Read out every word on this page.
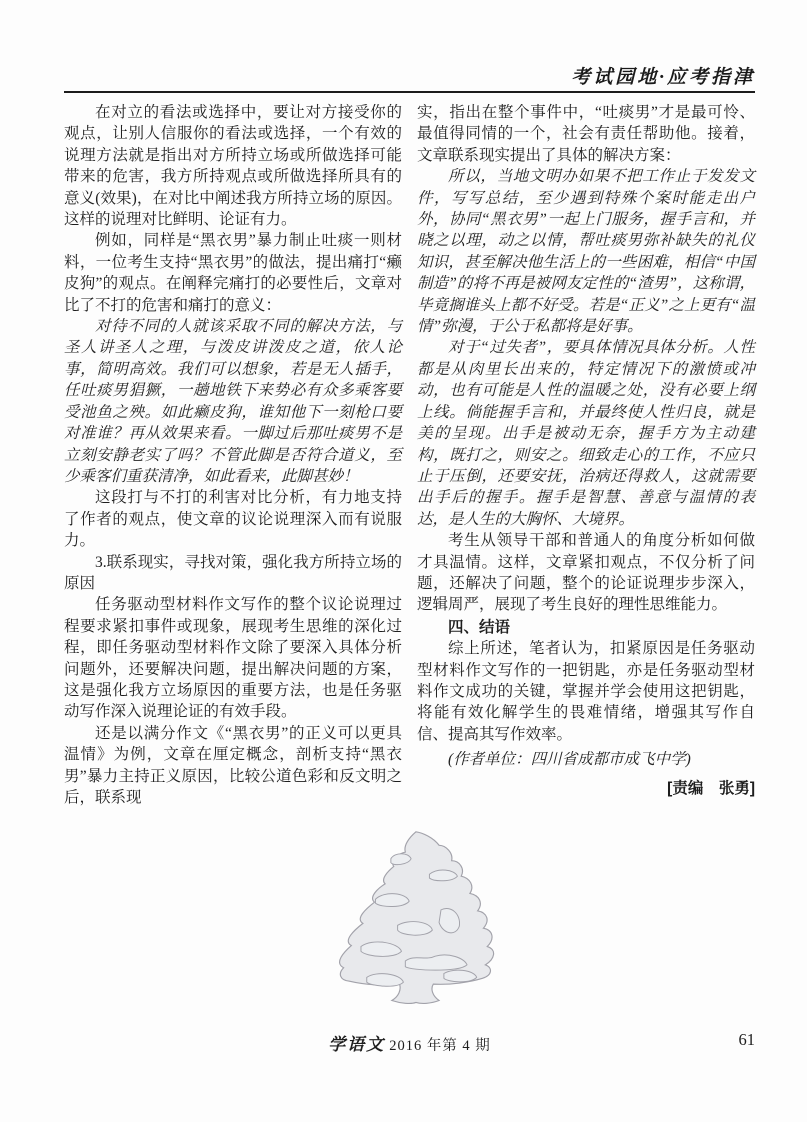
考试园地·应考指津

在对立的看法或选择中，要让对方接受你的观点，让别人信服你的看法或选择，一个有效的说理方法就是指出对方所持立场或所做选择可能带来的危害，我方所持观点或所做选择所具有的意义(效果)，在对比中阐述我方所持立场的原因。这样的说理对比鲜明、论证有力。

例如，同样是“黑衣男”暴力制止吐痰一则材料，一位考生支持“黑衣男”的做法，提出痛打“癞皮狗”的观点。在阐释完痛打的必要性后，文章对比了不打的危害和痛打的意义：

对待不同的人就该采取不同的解决方法，与圣人讲圣人之理，与泼皮讲泼皮之道，依人论事，简明高效。我们可以想象，若是无人插手，任吐痰男猖獗，一趟地铁下来势必有众多乘客要受池鱼之殃。如此癞皮狗，谁知他下一刻枪口要对准谁？再从效果来看。一脚过后那吐痰男不是立刻安静老实了吗？不管此脚是否符合道义，至少乘客们重获清净，如此看来，此脚甚妙！

这段打与不打的利害对比分析，有力地支持了作者的观点，使文章的议论说理深入而有说服力。

3.联系现实，寻找对策，强化我方所持立场的原因

任务驱动型材料作文写作的整个议论说理过程要求紧扣事件或现象，展现考生思维的深化过程，即任务驱动型材料作文除了要深入具体分析问题外，还要解决问题，提出解决问题的方案，这是强化我方立场原因的重要方法，也是任务驱动写作深入说理论证的有效手段。

还是以满分作文《“黑衣男”的正义可以更具温情》为例，文章在厘定概念，剖析支持“黑衣男”暴力主持正义原因，比较公道色彩和反文明之后，联系现

实，指出在整个事件中，“吐痰男”才是最可怜、最值得同情的一个，社会有责任帮助他。接着，文章联系现实提出了具体的解决方案：

所以，当地文明办如果不把工作止于发发文件，写写总结，至少遇到特殊个案时能走出户外，协同“黑衣男”一起上门服务，握手言和，并晓之以理，动之以情，帮吐痰男弥补缺失的礼仪知识，甚至解决他生活上的一些困难，相信“中国制造”的将不再是被网友定性的“渣男”，这称谓，毕竟搁谁头上都不好受。若是“正义”之上更有“温情”弥漫，于公于私都将是好事。

对于“过失者”，要具体情况具体分析。人性都是从肉里长出来的，特定情况下的激愤或冲动，也有可能是人性的温暖之处，没有必要上纲上线。倘能握手言和，并最终使人性归良，就是美的呈现。出手是被动无奈，握手方为主动建构，既打之，则安之。细致走心的工作，不应只止于压倒，还要安抚，治病还得救人，这就需要出手后的握手。握手是智慧、善意与温情的表达，是人生的大胸怀、大境界。

考生从领导干部和普通人的角度分析如何做才具温情。这样，文章紧扣观点，不仅分析了问题，还解决了问题，整个的论证说理步步深入，逻辑周严，展现了考生良好的理性思维能力。

四、结语

综上所述，笔者认为，扣紧原因是任务驱动型材料作文写作的一把钥匙，亦是任务驱动型材料作文成功的关键，掌握并学会使用这把钥匙，将能有效化解学生的畏难情绪，增强其写作自信、提高其写作效率。

(作者单位：四川省成都市成飞中学)

[责编　张勇]

学语文 2016 年第 4 期	61
